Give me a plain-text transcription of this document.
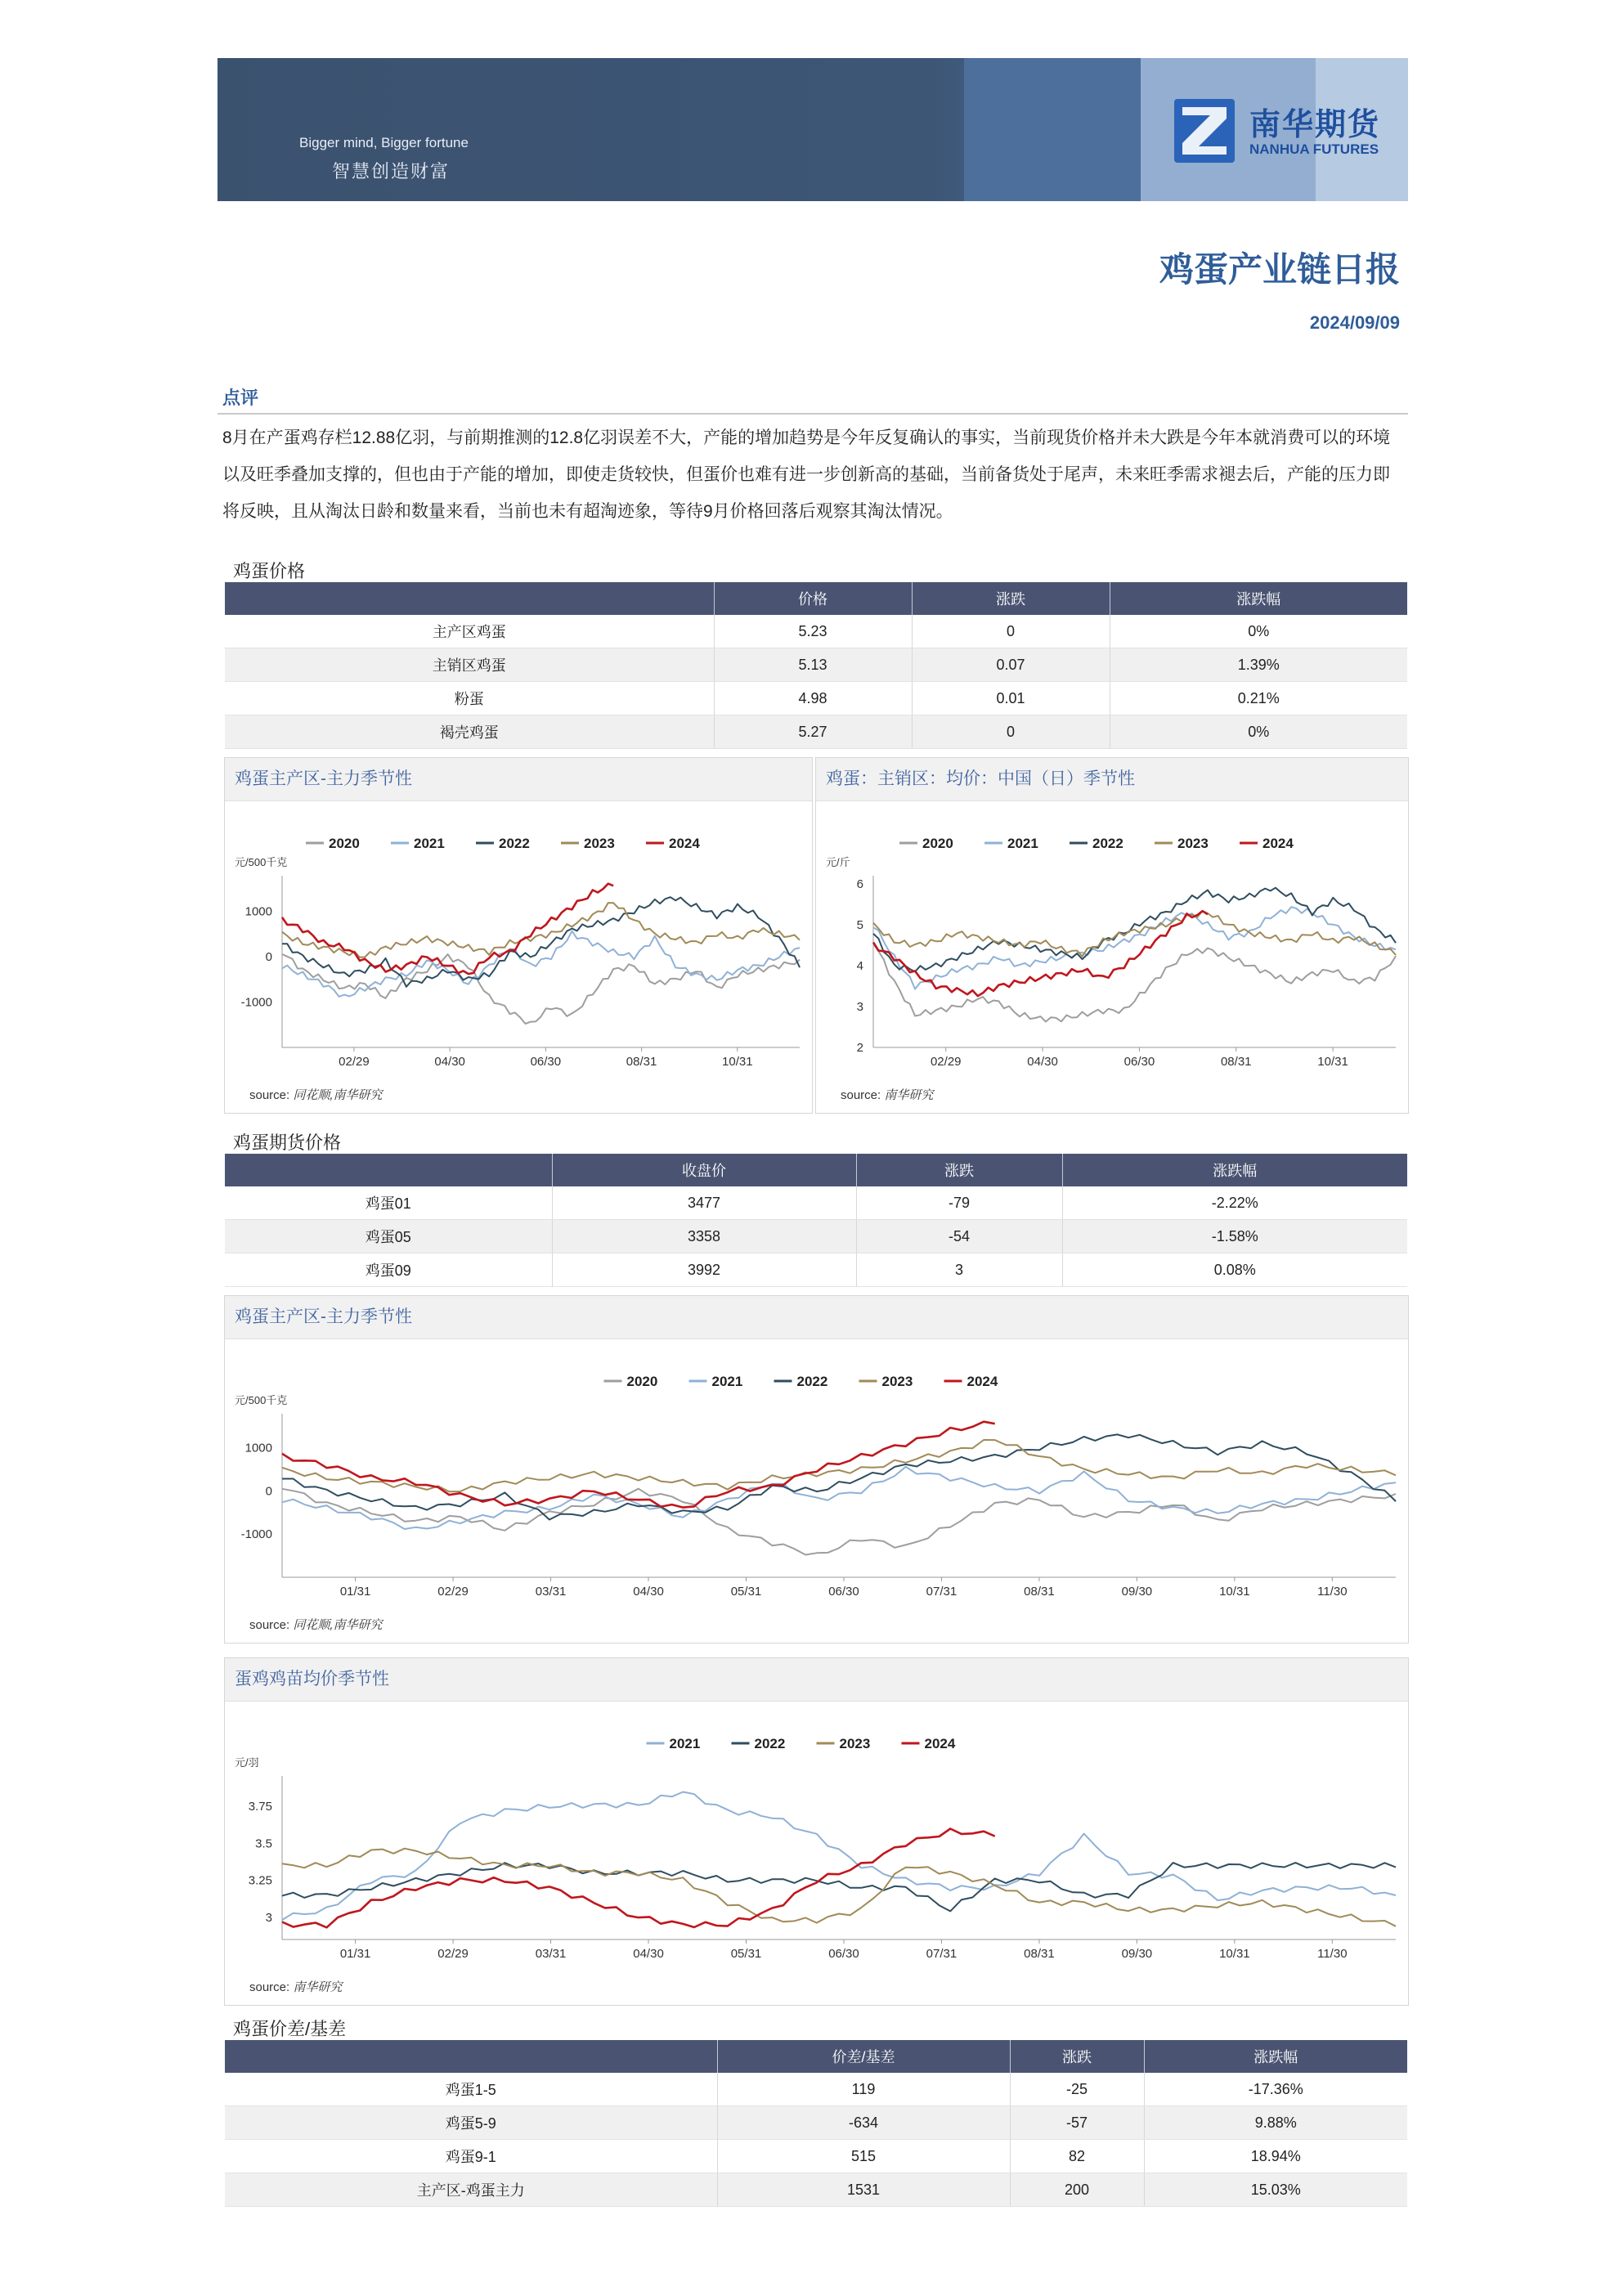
Bigger mind, Bigger fortune
智慧创造财富
南华期货
NANHUA FUTURES
鸡蛋产业链日报
2024/09/09
点评
8月在产蛋鸡存栏12.88亿羽，与前期推测的12.8亿羽误差不大，产能的增加趋势是今年反复确认的事实，当前现货价格并未大跌是今年本就消费可以的环境以及旺季叠加支撑的，但也由于产能的增加，即使走货较快，但蛋价也难有进一步创新高的基础，当前备货处于尾声，未来旺季需求褪去后，产能的压力即将反映，且从淘汰日龄和数量来看，当前也未有超淘迹象，等待9月价格回落后观察其淘汰情况。
鸡蛋价格
	价格	涨跌	涨跌幅
主产区鸡蛋	5.23	0	0%
主销区鸡蛋	5.13	0.07	1.39%
粉蛋	4.98	0.01	0.21%
褐壳鸡蛋	5.27	0	0%
鸡蛋主产区-主力季节性
2020	2021	2022	2023	2024
元/500千克
1000
0
-1000
02/29	04/30	06/30	08/31	10/31
source: 同花顺,南华研究
鸡蛋：主销区：均价：中国（日）季节性
2020	2021	2022	2023	2024
元/斤
6
5
4
3
2
02/29	04/30	06/30	08/31	10/31
source: 南华研究
鸡蛋期货价格
	收盘价	涨跌	涨跌幅
鸡蛋01	3477	-79	-2.22%
鸡蛋05	3358	-54	-1.58%
鸡蛋09	3992	3	0.08%
鸡蛋主产区-主力季节性
2020	2021	2022	2023	2024
元/500千克
1000
0
-1000
01/31	02/29	03/31	04/30	05/31	06/30	07/31	08/31	09/30	10/31	11/30
source: 同花顺,南华研究
蛋鸡鸡苗均价季节性
2021	2022	2023	2024
元/羽
3.75
3.5
3.25
3
01/31	02/29	03/31	04/30	05/31	06/30	07/31	08/31	09/30	10/31	11/30
source: 南华研究
鸡蛋价差/基差
	价差/基差	涨跌	涨跌幅
鸡蛋1-5	119	-25	-17.36%
鸡蛋5-9	-634	-57	9.88%
鸡蛋9-1	515	82	18.94%
主产区-鸡蛋主力	1531	200	15.03%
